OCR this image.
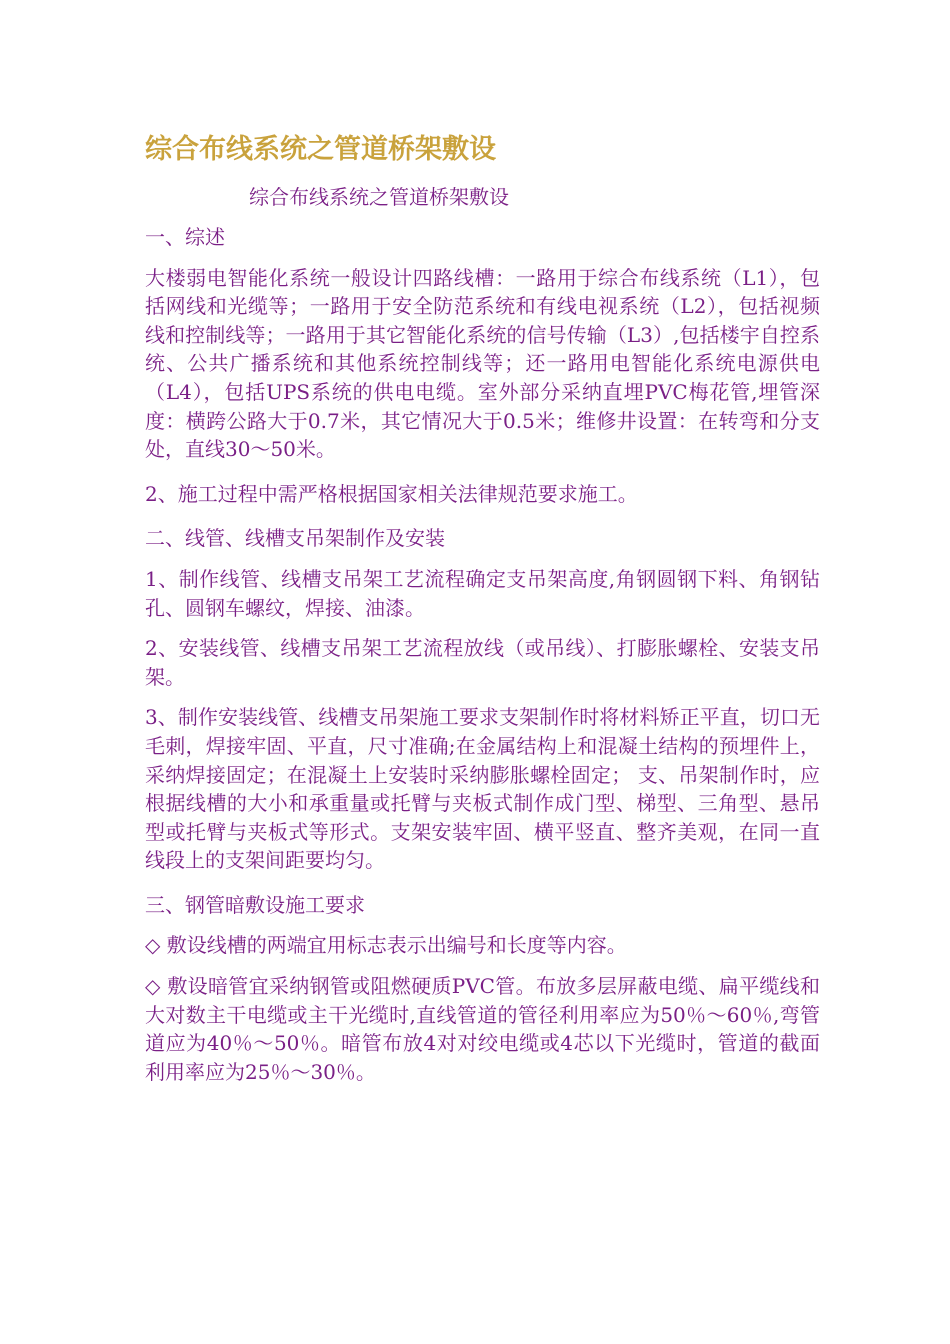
综合布线系统之管道桥架敷设

综合布线系统之管道桥架敷设

一、综述

大楼弱电智能化系统一般设计四路线槽：一路用于综合布线系统（L1），包括网线和光缆等；一路用于安全防范系统和有线电视系统（L2），包括视频线和控制线等；一路用于其它智能化系统的信号传输（L3）,包括楼宇自控系统、公共广播系统和其他系统控制线等；还一路用电智能化系统电源供电（L4），包括UPS系统的供电电缆。室外部分采纳直埋PVC梅花管,埋管深度：横跨公路大于0.7米，其它情况大于0.5米；维修井设置：在转弯和分支处，直线30～50米。

2、施工过程中需严格根据国家相关法律规范要求施工。

二、线管、线槽支吊架制作及安装

1、制作线管、线槽支吊架工艺流程确定支吊架高度,角钢圆钢下料、角钢钻孔、圆钢车螺纹，焊接、油漆。

2、安装线管、线槽支吊架工艺流程放线（或吊线）、打膨胀螺栓、安装支吊架。

3、制作安装线管、线槽支吊架施工要求支架制作时将材料矫正平直，切口无毛刺，焊接牢固、平直，尺寸准确;在金属结构上和混凝土结构的预埋件上，采纳焊接固定；在混凝土上安装时采纳膨胀螺栓固定； 支、吊架制作时，应根据线槽的大小和承重量或托臂与夹板式制作成门型、梯型、三角型、悬吊型或托臂与夹板式等形式。支架安装牢固、横平竖直、整齐美观，在同一直线段上的支架间距要均匀。

三、钢管暗敷设施工要求

◇ 敷设线槽的两端宜用标志表示出编号和长度等内容。

◇ 敷设暗管宜采纳钢管或阻燃硬质PVC管。布放多层屏蔽电缆、扁平缆线和大对数主干电缆或主干光缆时,直线管道的管径利用率应为50％～60％,弯管道应为40％～50％。暗管布放4对对绞电缆或4芯以下光缆时，管道的截面利用率应为25％～30％。
